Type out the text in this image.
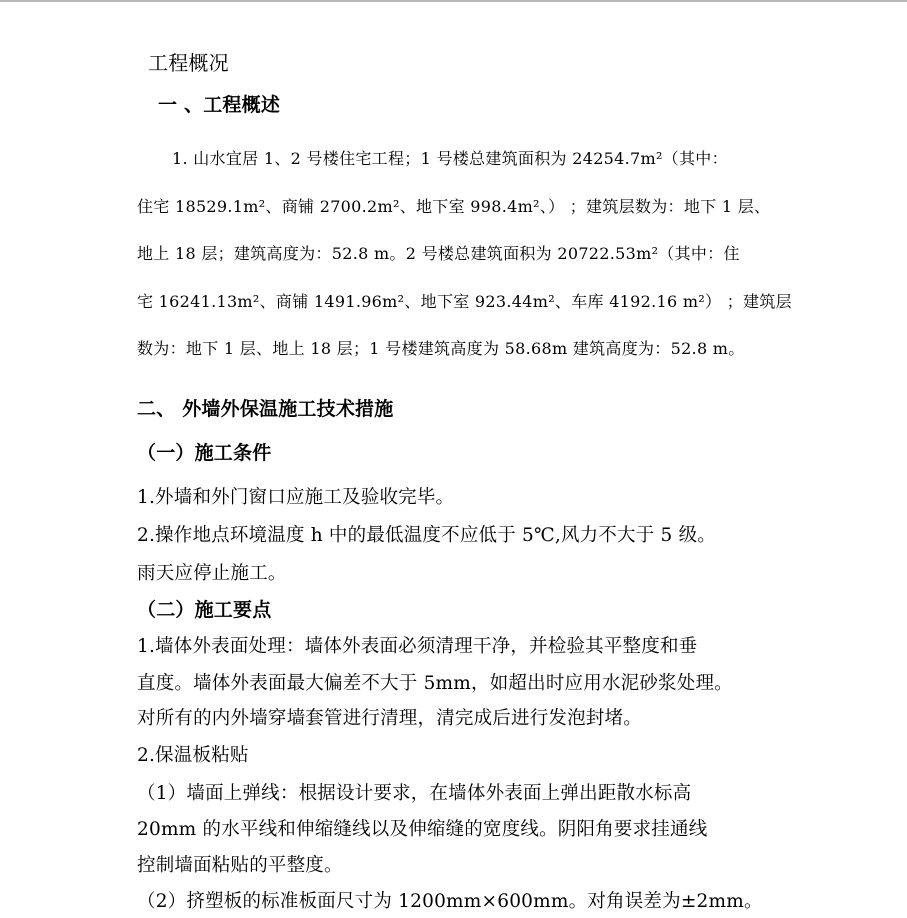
工程概况
一 、工程概述
1. 山水宜居 1、2 号楼住宅工程；1 号楼总建筑面积为 24254.7m²（其中：
住宅 18529.1m²、商铺 2700.2m²、地下室 998.4m²、） ；建筑层数为：地下 1 层、
地上 18 层；建筑高度为：52.8 m。2 号楼总建筑面积为 20722.53m²（其中：住
宅 16241.13m²、商铺 1491.96m²、地下室 923.44m²、车库 4192.16 m²） ；建筑层
数为：地下 1 层、地上 18 层；1 号楼建筑高度为 58.68m 建筑高度为：52.8 m。
二、 外墙外保温施工技术措施
（一）施工条件
1.外墙和外门窗口应施工及验收完毕。
2.操作地点环境温度 h 中的最低温度不应低于 5℃,风力不大于 5 级。
雨天应停止施工。
（二）施工要点
1.墙体外表面处理：墙体外表面必须清理干净，并检验其平整度和垂
直度。墙体外表面最大偏差不大于 5mm，如超出时应用水泥砂浆处理。
对所有的内外墙穿墙套管进行清理，清完成后进行发泡封堵。
2.保温板粘贴
（1）墙面上弹线：根据设计要求，在墙体外表面上弹出距散水标高
20mm 的水平线和伸缩缝线以及伸缩缝的宽度线。阴阳角要求挂通线
控制墙面粘贴的平整度。
（2）挤塑板的标准板面尺寸为 1200mm×600mm。对角误差为±2mm。
